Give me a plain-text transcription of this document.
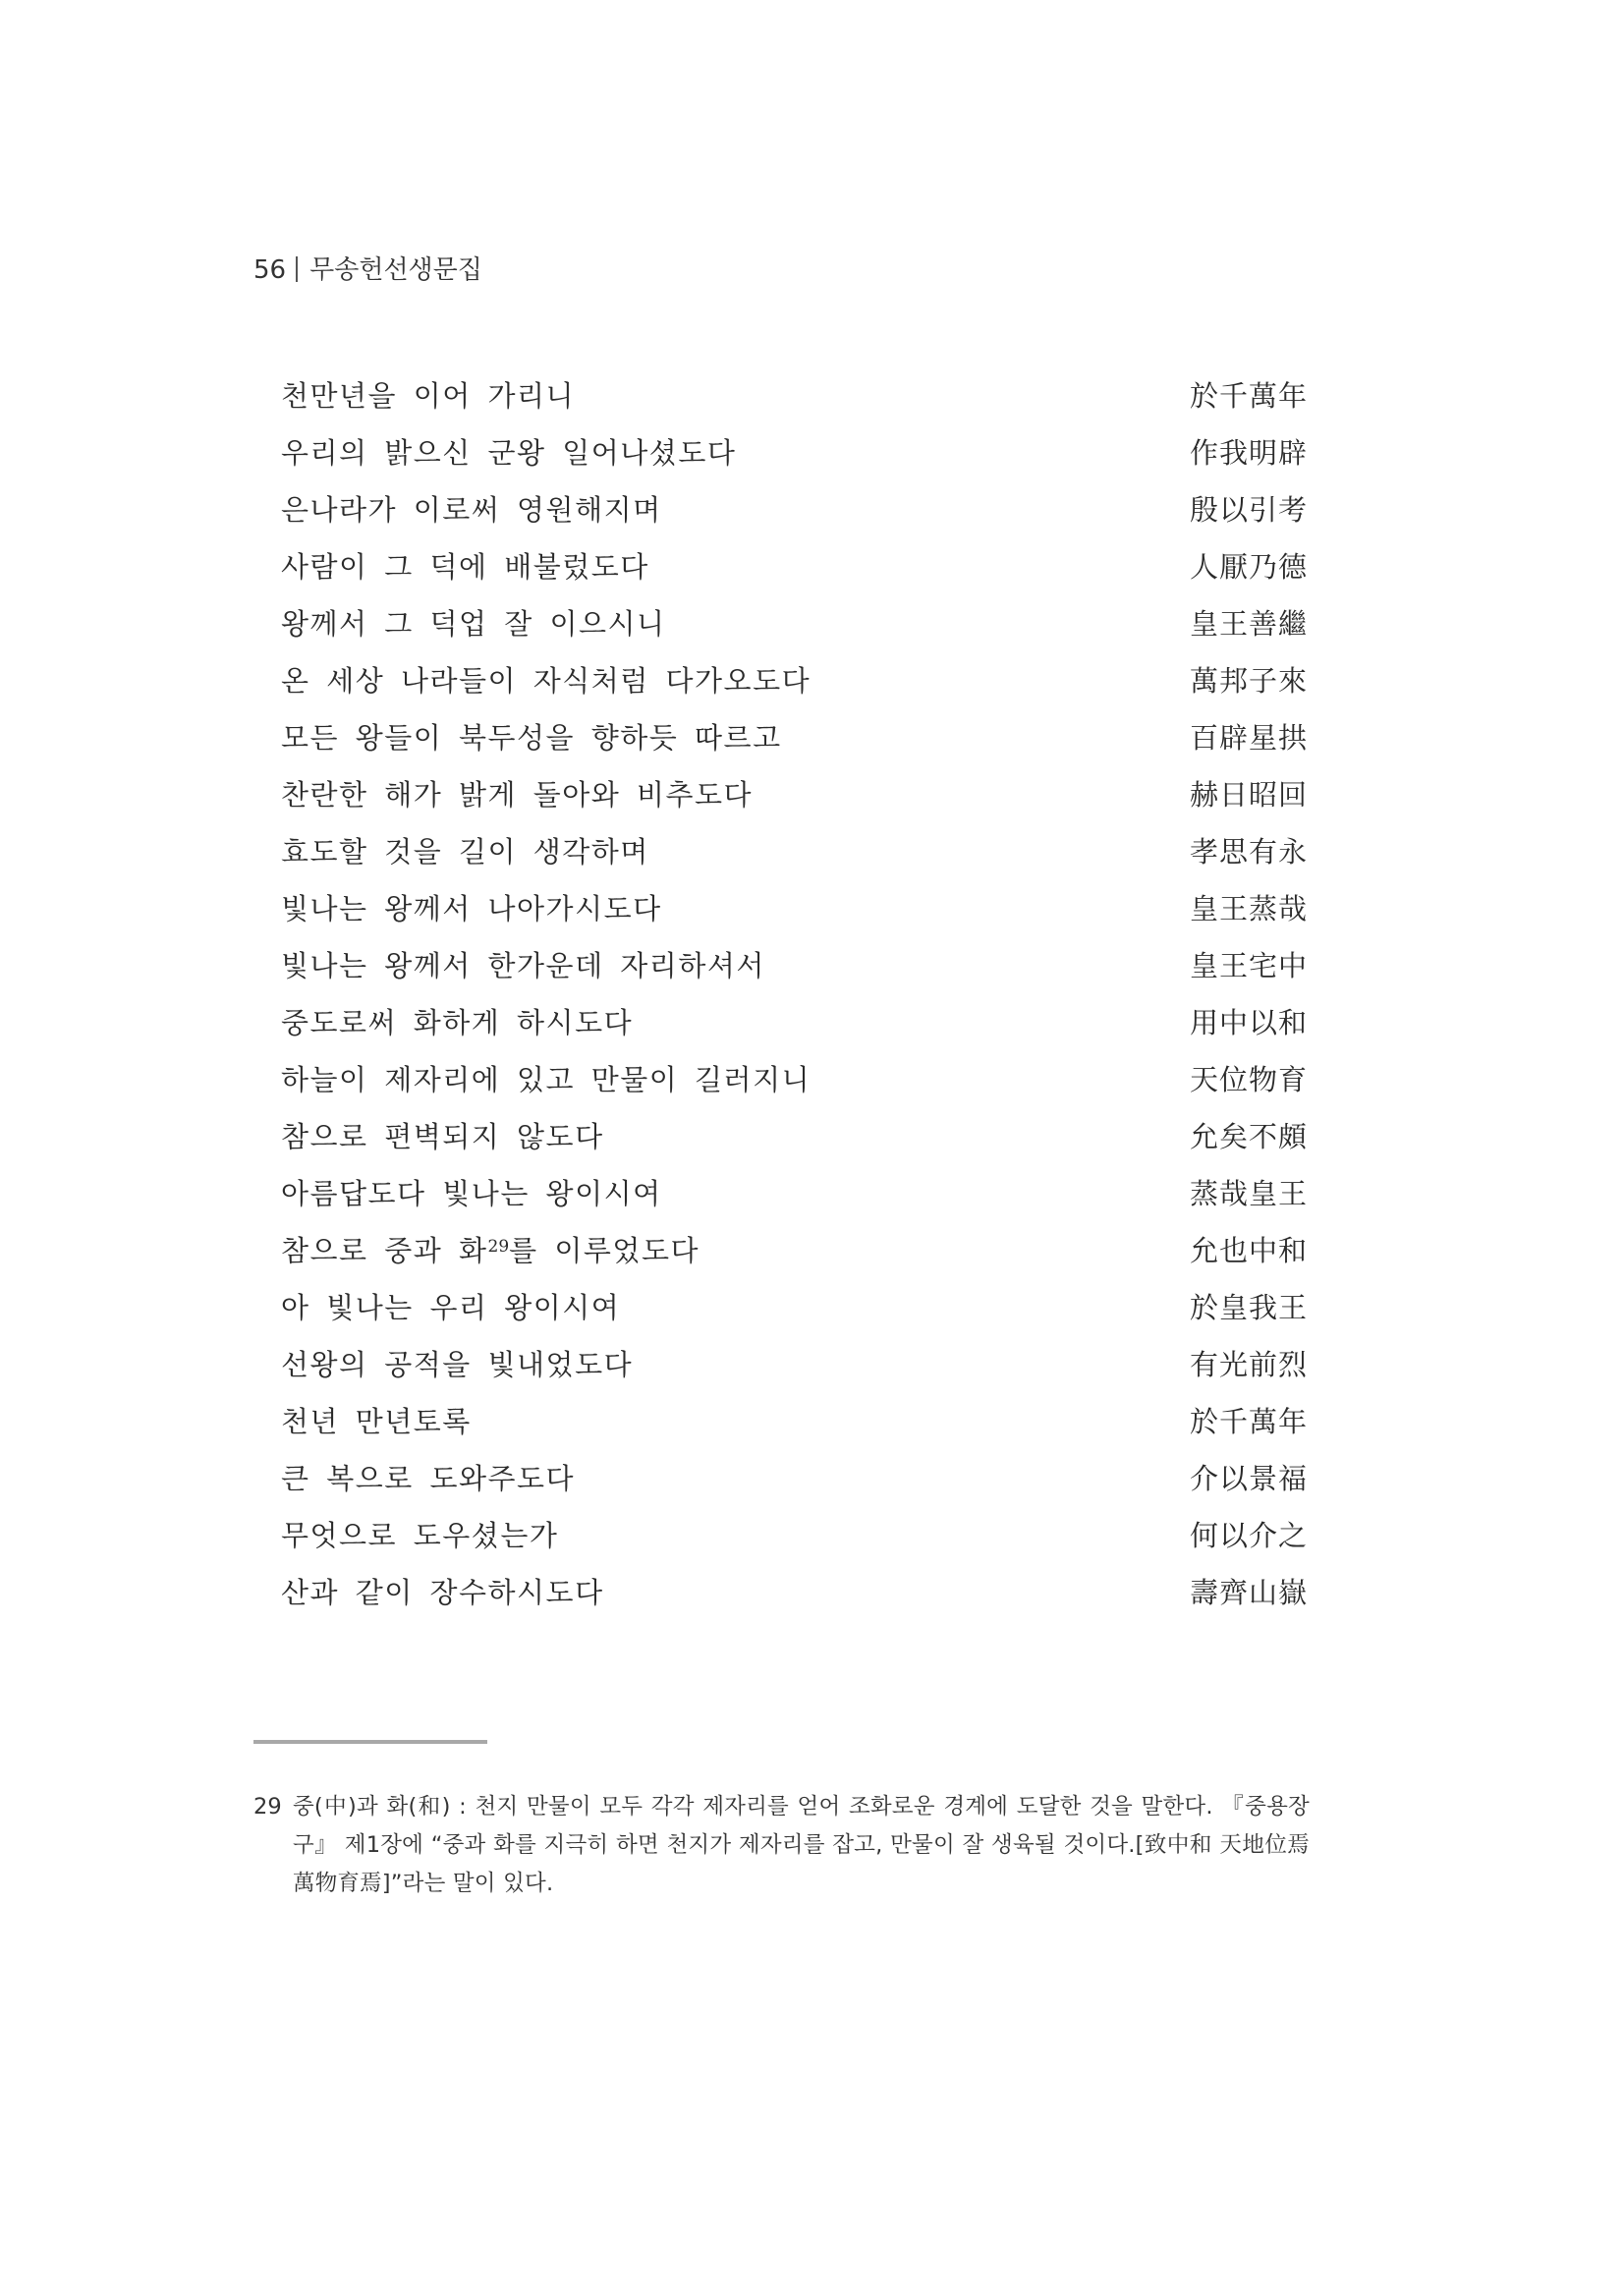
56 무송헌선생문집
천만년을 이어 가리니	於千萬年
우리의 밝으신 군왕 일어나셨도다	作我明辟
은나라가 이로써 영원해지며	殷以引考
사람이 그 덕에 배불렀도다	人厭乃德
왕께서 그 덕업 잘 이으시니	皇王善繼
온 세상 나라들이 자식처럼 다가오도다	萬邦子來
모든 왕들이 북두성을 향하듯 따르고	百辟星拱
찬란한 해가 밝게 돌아와 비추도다	赫日昭回
효도할 것을 길이 생각하며	孝思有永
빛나는 왕께서 나아가시도다	皇王蒸哉
빛나는 왕께서 한가운데 자리하셔서	皇王宅中
중도로써 화하게 하시도다	用中以和
하늘이 제자리에 있고 만물이 길러지니	天位物育
참으로 편벽되지 않도다	允矣不頗
아름답도다 빛나는 왕이시여	蒸哉皇王
참으로 중과 화$^{29}$를 이루었도다	允也中和
아 빛나는 우리 왕이시여	於皇我王
선왕의 공적을 빛내었도다	有光前烈
천년 만년토록	於千萬年
큰 복으로 도와주도다	介以景福
무엇으로 도우셨는가	何以介之
산과 같이 장수하시도다	壽齊山嶽
29 중(中)과 화(和) : 천지 만물이 모두 각각 제자리를 얻어 조화로운 경계에 도달한 것을 말한다. 『중용장구』 제1장에 “중과 화를 지극히 하면 천지가 제자리를 잡고, 만물이 잘 생육될 것이다.[致中和 天地位焉 萬物育焉]”라는 말이 있다.
